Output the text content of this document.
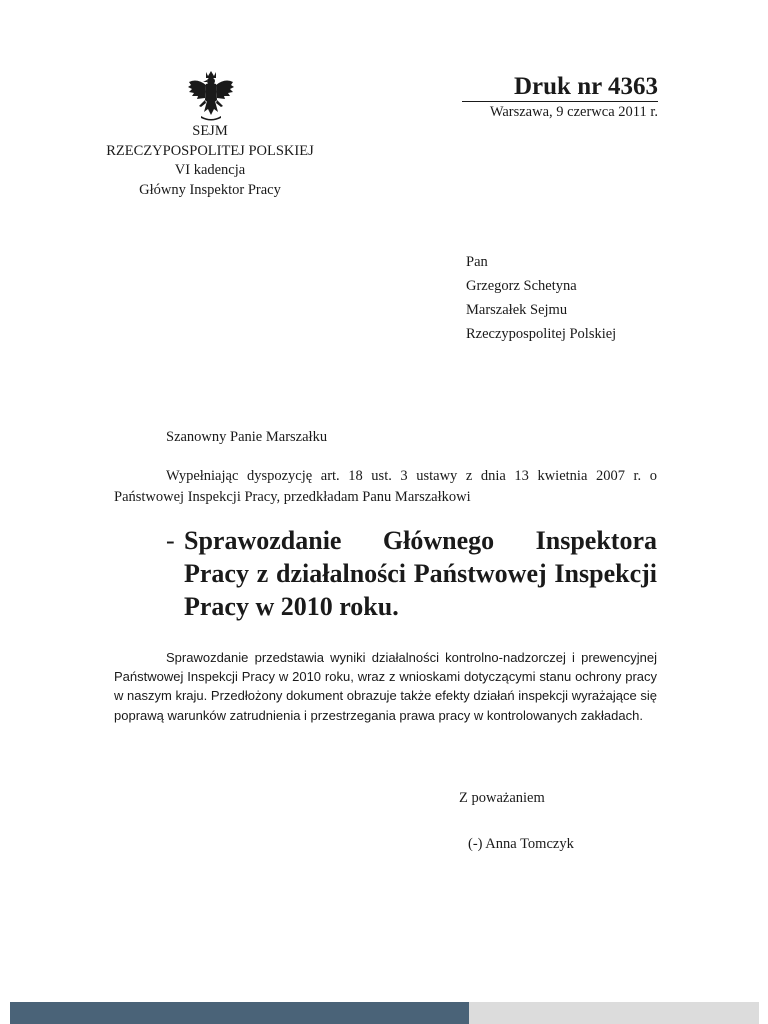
SEJM
RZECZYPOSPOLITEJ POLSKIEJ
VI kadencja
Główny Inspektor Pracy
Druk nr 4363
Warszawa, 9 czerwca 2011 r.
Pan
Grzegorz Schetyna
Marszałek Sejmu
Rzeczypospolitej Polskiej
Szanowny Panie Marszałku
Wypełniając dyspozycję art. 18 ust. 3 ustawy z dnia 13 kwietnia 2007 r. o Państwowej Inspekcji Pracy, przedkładam Panu Marszałkowi
- Sprawozdanie Głównego Inspektora Pracy z działalności Państwowej Inspekcji Pracy w 2010 roku.
Sprawozdanie przedstawia wyniki działalności kontrolno-nadzorczej i prewencyjnej Państwowej Inspekcji Pracy w 2010 roku, wraz z wnioskami dotyczącymi stanu ochrony pracy w naszym kraju. Przedłożony dokument obrazuje także efekty działań inspekcji wyrażające się poprawą warunków zatrudnienia i przestrzegania prawa pracy w kontrolowanych zakładach.
Z poważaniem
(-) Anna Tomczyk
